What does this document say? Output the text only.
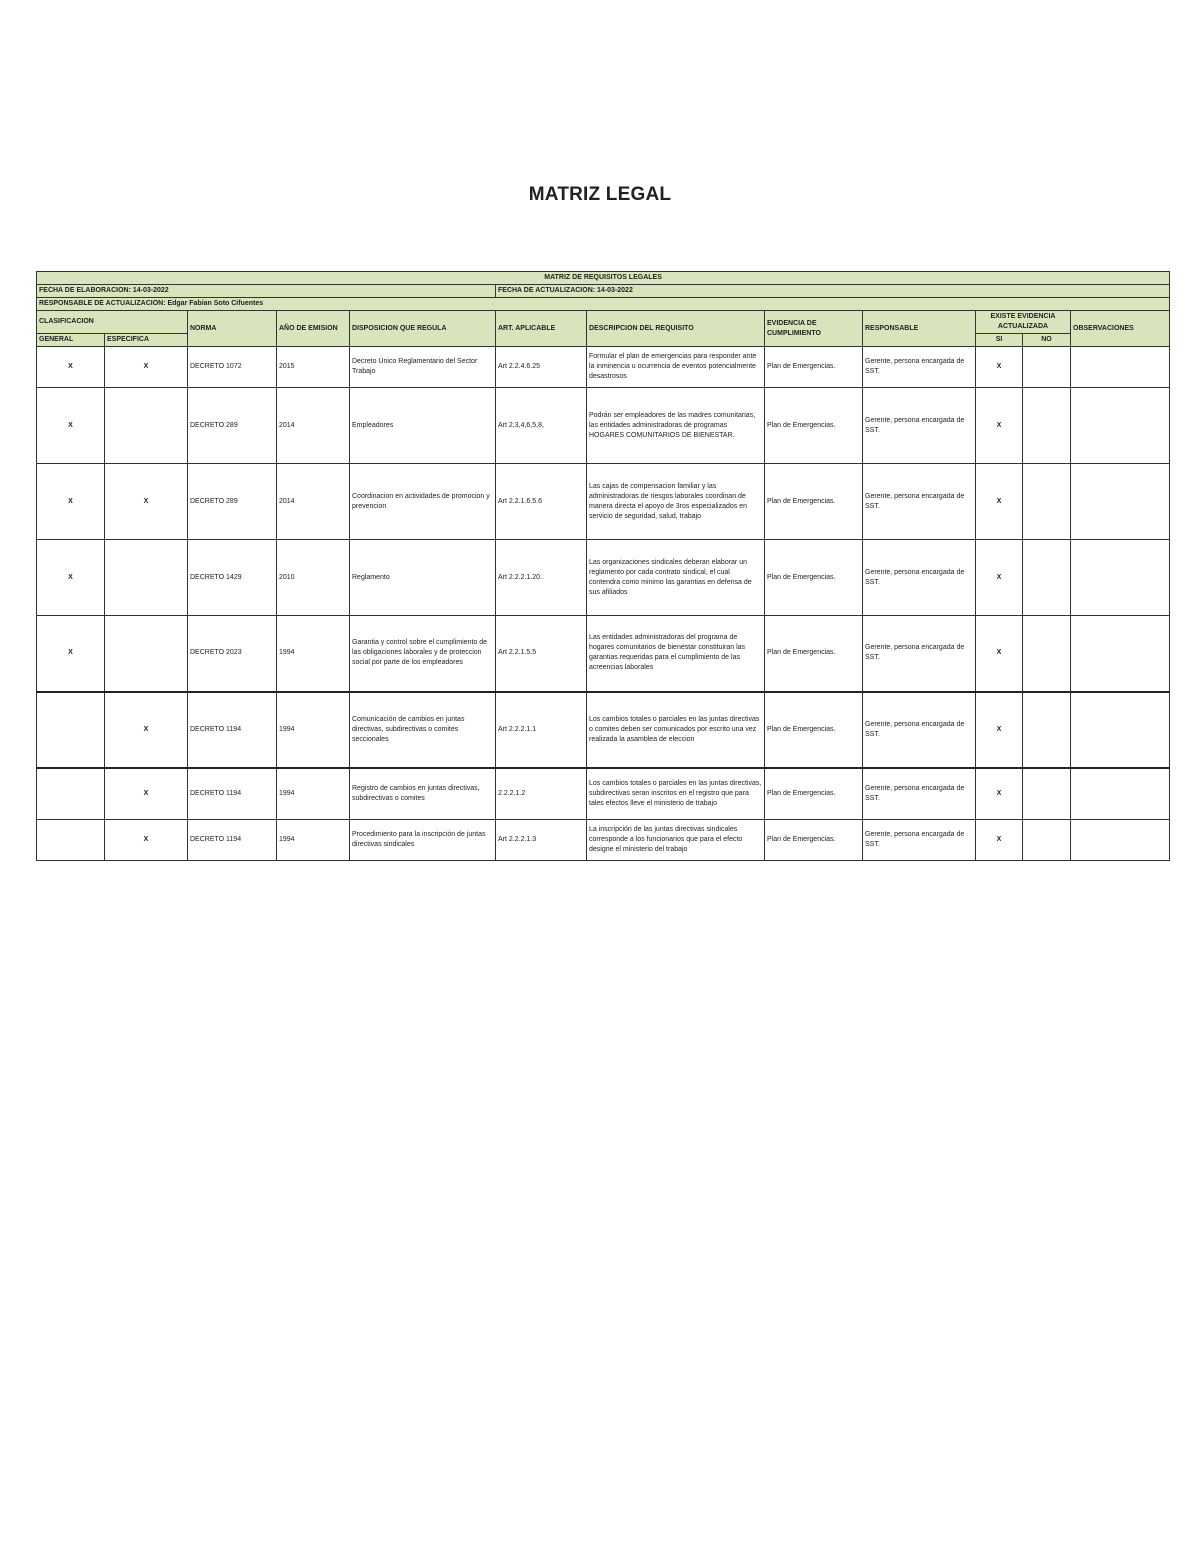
MATRIZ LEGAL
MATRIZ DE REQUISITOS LEGALES											
FECHA DE ELABORACION: 14-03-2022					FECHA DE ACTUALIZACION: 14-03-2022						
RESPONSABLE DE ACTUALIZACION: Edgar Fabian Soto Cifuentes											
CLASIFICACION		NORMA	AÑO DE EMISION	DISPOSICION QUE REGULA	ART. APLICABLE	DESCRIPCION DEL REQUISITO	EVIDENCIA DE CUMPLIMIENTO	RESPONSABLE	EXISTE EVIDENCIA ACTUALIZADA		OBSERVACIONES
GENERAL	ESPECIFICA								SI	NO	
X	X	DECRETO 1072	2015	Decreto Único Reglamentario del Sector Trabajo	Art 2.2.4.6.25	Formular el plan de emergencias para responder ante la inminencia u ocurrencia de eventos potencialmente desastrosos	Plan de Emergencias.	Gerente, persona encargada de SST.	X		
X		DECRETO 289	2014	Empleadores	Art 2,3,4,6,5,8,	Podrán ser empleadores de las madres comunitarias, las entidades administradoras de programas HOGARES COMUNITARIOS DE BIENESTAR.	Plan de Emergencias.	Gerente, persona encargada de SST.	X		
X	X	DECRETO 289	2014	Coordinacion en actividades de promocion y prevencion	Art 2.2.1.6.5.6	Las cajas de compensacion familiar y las administradoras de riesgos laborales coordinan de manera directa el apoyo de 3ros especializados en servicio de seguridad, salud, trabajo	Plan de Emergencias.	Gerente, persona encargada de SST.	X		
X		DECRETO 1429	2010	Reglamento	Art 2.2.2.1.20..	Las organizaciones sindicales deberan elaborar un reglamento por cada contrato sindical, el cual contendra como minimo las garantias en defensa de sus afiliados	Plan de Emergencias.	Gerente, persona encargada de SST.	X		
X		DECRETO 2023	1994	Garantia y control sobre el cumplimiento de las obligaciones laborales y de proteccion social por parte de los empleadores	Art 2.2.1.5.5	Las entidades administradoras del programa de hogares comunitarios de bienestar constituiran las garantias requeridas para el cumplimiento de las acreencias laborales	Plan de Emergencias.	Gerente, persona encargada de SST.	X		
	X	DECRETO 1194	1994	Comunicación de cambios en juntas directivas, subdirectivas o comites seccionales	Art 2.2.2.1.1	Los cambios totales o parciales en las juntas directivas o comites deben ser comunicados por escrito una vez realizada la asamblea de eleccion	Plan de Emergencias.	Gerente, persona encargada de SST.	X		
	X	DECRETO 1194	1994	Registro de cambios en juntas directivas, subdirectivas o comites	2.2.2.1.2	Los cambios totales o parciales en las juntas directivas, subdirectivas seran inscritos en el registro que para tales efectos lleve el ministerio de trabajo	Plan de Emergencias.	Gerente, persona encargada de SST.	X		
	X	DECRETO 1194	1994	Procedimiento para la inscripción de juntas directivas sindicales	Art 2.2.2.1.3	La inscripción de las juntas directivas sindicales corresponde a los funcionarios que para el efecto designe el ministerio del trabajo	Plan de Emergencias.	Gerente, persona encargada de SST.	X		
